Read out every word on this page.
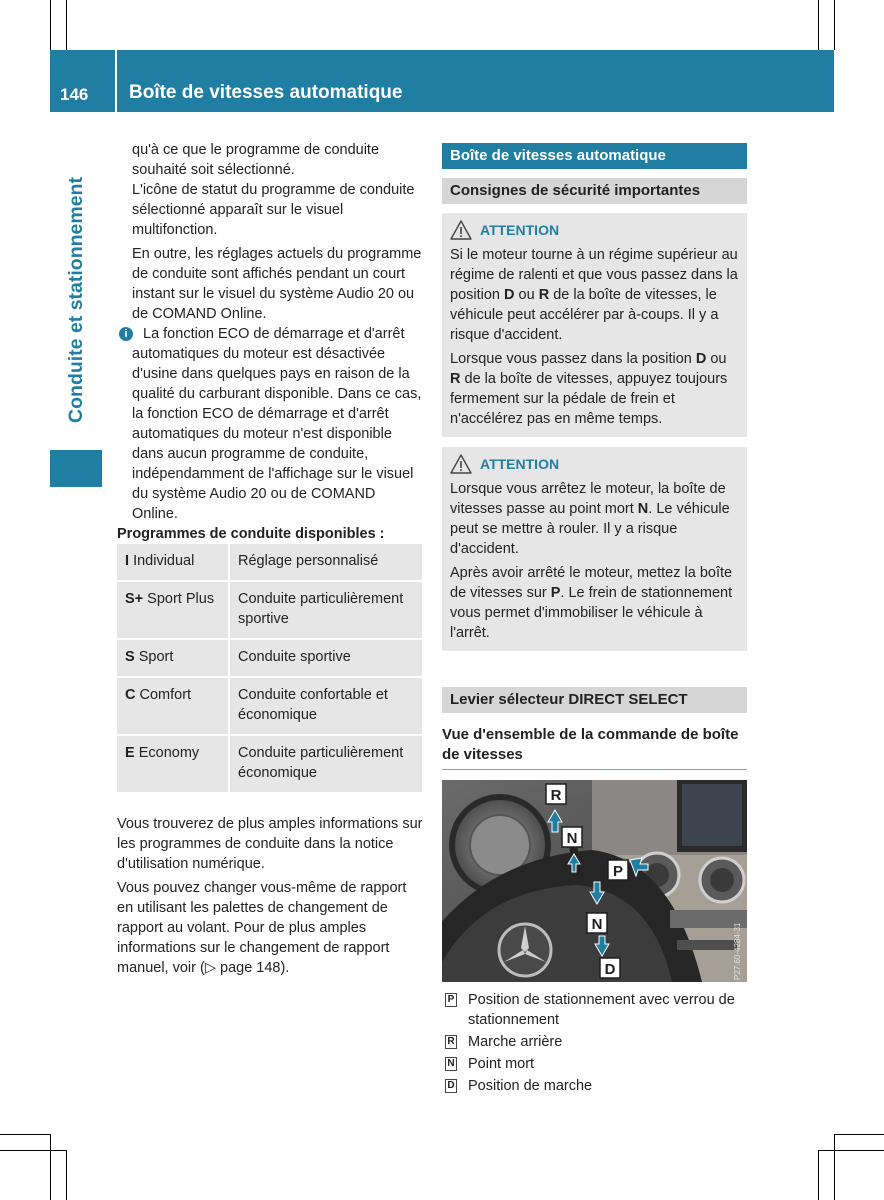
146 Boîte de vitesses automatique
Conduite et stationnement

qu'à ce que le programme de conduite souhaité soit sélectionné.

L'icône de statut du programme de conduite sélectionné apparaît sur le visuel multifonction.

En outre, les réglages actuels du programme de conduite sont affichés pendant un court instant sur le visuel du système Audio 20 ou de COMAND Online.

i	La fonction ECO de démarrage et d'arrêt automatiques du moteur est désactivée d'usine dans quelques pays en raison de la qualité du carburant disponible. Dans ce cas, la fonction ECO de démarrage et d'arrêt automatiques du moteur n'est disponible dans aucun programme de conduite, indépendamment de l'affichage sur le visuel du système Audio 20 ou de COMAND Online.

Programmes de conduite disponibles :

I Individual	Réglage personnalisé
S+ Sport Plus	Conduite particulièrement sportive
S Sport	Conduite sportive
C Comfort	Conduite confortable et économique
E Economy	Conduite particulièrement économique

Vous trouverez de plus amples informations sur les programmes de conduite dans la notice d'utilisation numérique.

Vous pouvez changer vous-même de rapport en utilisant les palettes de changement de rapport au volant. Pour de plus amples informations sur le changement de rapport manuel, voir (▷ page 148).

Boîte de vitesses automatique
Consignes de sécurité importantes
ATTENTION

Si le moteur tourne à un régime supérieur au régime de ralenti et que vous passez dans la position D ou R de la boîte de vitesses, le véhicule peut accélérer par à-coups. Il y a risque d'accident.

Lorsque vous passez dans la position D ou R de la boîte de vitesses, appuyez toujours fermement sur la pédale de frein et n'accélérez pas en même temps.

ATTENTION

Lorsque vous arrêtez le moteur, la boîte de vitesses passe au point mort N. Le véhicule peut se mettre à rouler. Il y a risque d'accident.

Après avoir arrêté le moteur, mettez la boîte de vitesses sur P. Le frein de stationnement vous permet d'immobiliser le véhicule à l'arrêt.

Levier sélecteur DIRECT SELECT
Vue d'ensemble de la commande de boîte de vitesses
P27.60-4284-31
R
N
P
N
D
P Position de stationnement avec verrou de stationnement
R Marche arrière
N Point mort
D Position de marche
